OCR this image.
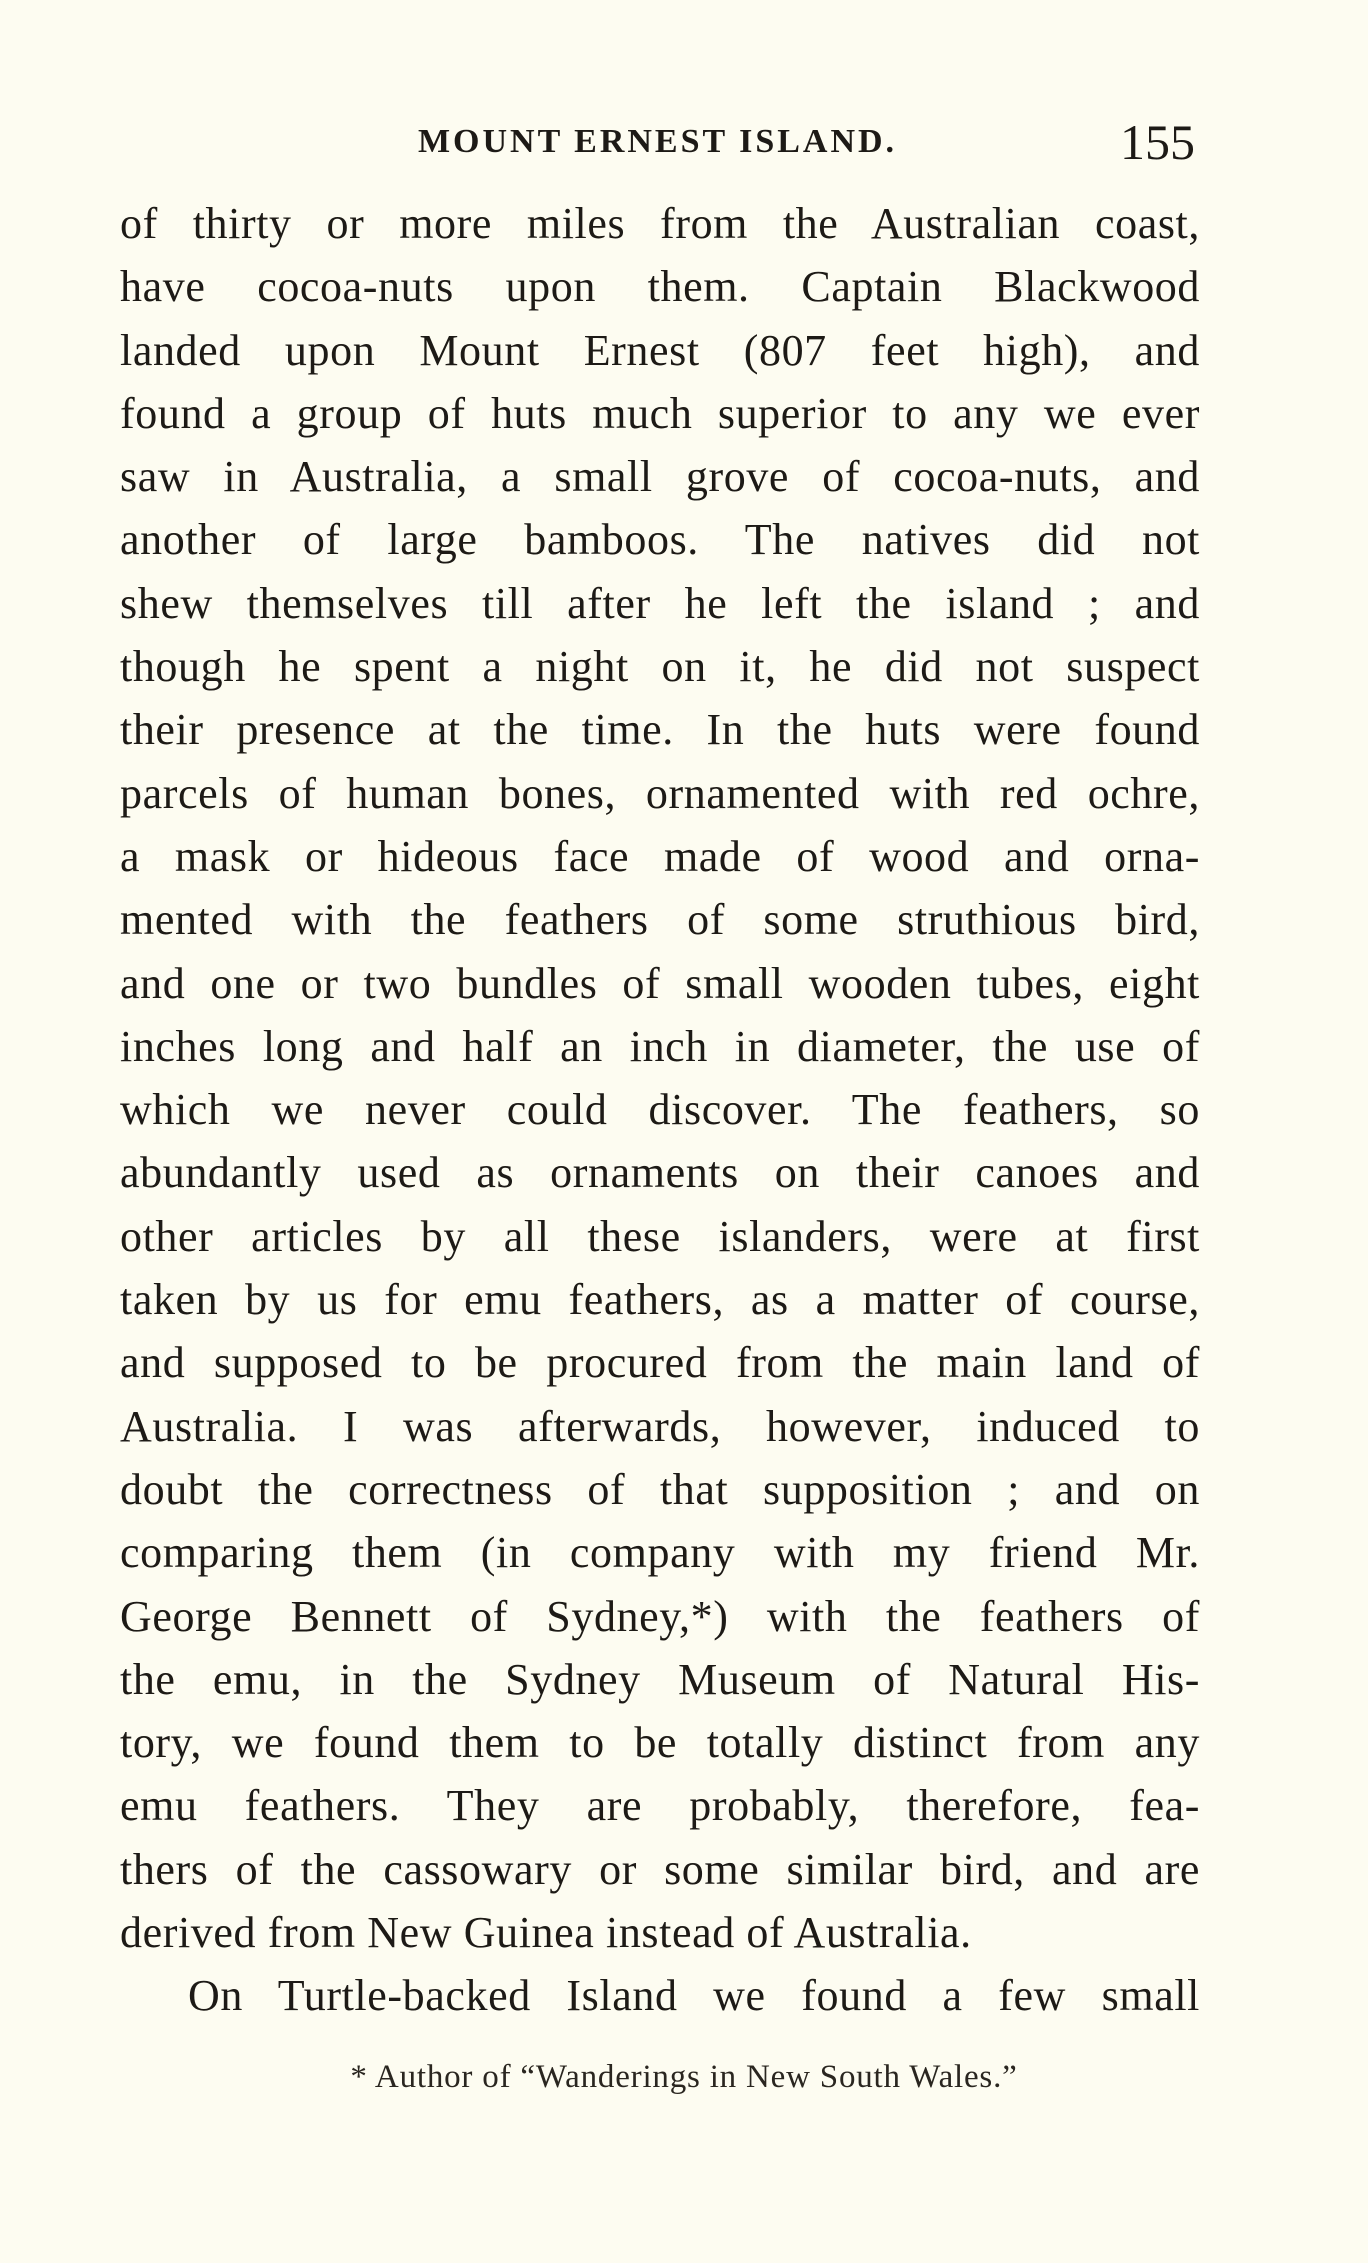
MOUNT ERNEST ISLAND.	155
of thirty or more miles from the Australian coast,
have cocoa-nuts upon them. Captain Blackwood
landed upon Mount Ernest (807 feet high), and
found a group of huts much superior to any we ever
saw in Australia, a small grove of cocoa-nuts, and
another of large bamboos. The natives did not
shew themselves till after he left the island ; and
though he spent a night on it, he did not suspect
their presence at the time. In the huts were found
parcels of human bones, ornamented with red ochre,
a mask or hideous face made of wood and orna-
mented with the feathers of some struthious bird,
and one or two bundles of small wooden tubes, eight
inches long and half an inch in diameter, the use of
which we never could discover. The feathers, so
abundantly used as ornaments on their canoes and
other articles by all these islanders, were at first
taken by us for emu feathers, as a matter of course,
and supposed to be procured from the main land of
Australia. I was afterwards, however, induced to
doubt the correctness of that supposition ; and on
comparing them (in company with my friend Mr.
George Bennett of Sydney,*) with the feathers of
the emu, in the Sydney Museum of Natural His-
tory, we found them to be totally distinct from any
emu feathers. They are probably, therefore, fea-
thers of the cassowary or some similar bird, and are
derived from New Guinea instead of Australia.
On Turtle-backed Island we found a few small
* Author of “Wanderings in New South Wales.”
